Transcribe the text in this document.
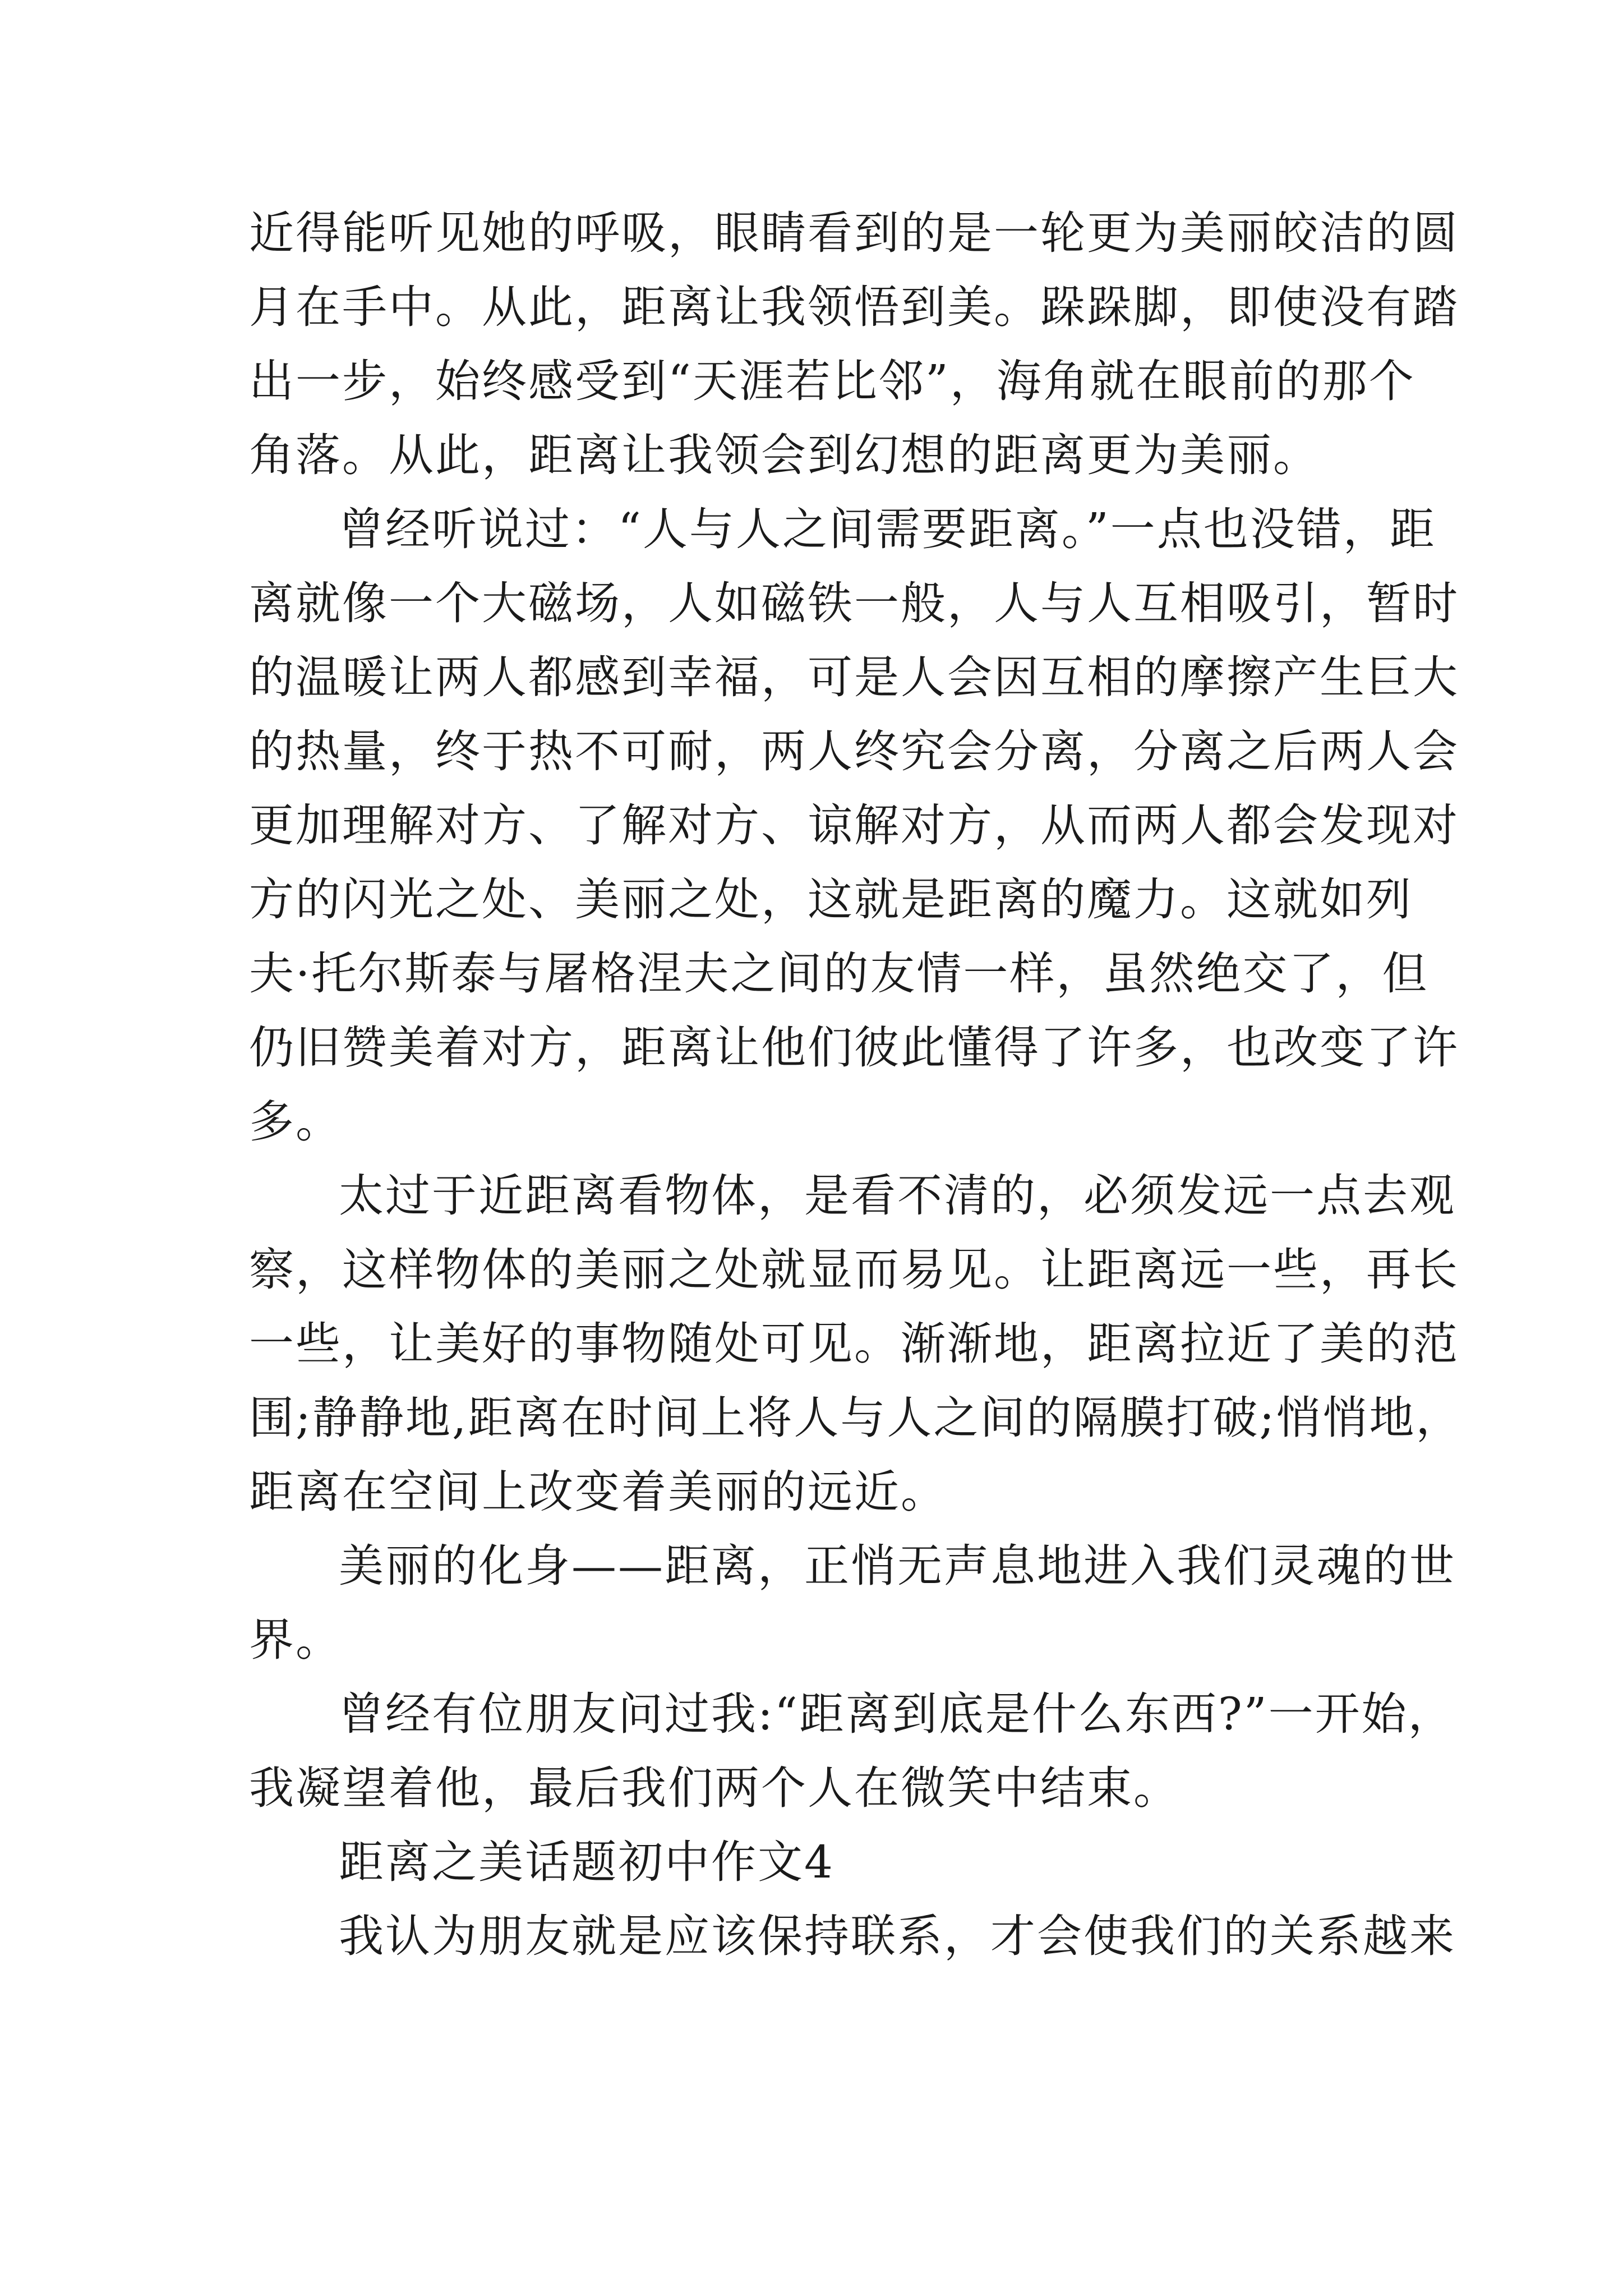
近得能听见她的呼吸，眼睛看到的是一轮更为美丽皎洁的圆
月在手中。从此，距离让我领悟到美。跺跺脚，即使没有踏
出一步，始终感受到“天涯若比邻”，海角就在眼前的那个
角落。从此，距离让我领会到幻想的距离更为美丽。
曾经听说过：“人与人之间需要距离。”一点也没错，距
离就像一个大磁场，人如磁铁一般，人与人互相吸引，暂时
的温暖让两人都感到幸福，可是人会因互相的摩擦产生巨大
的热量，终于热不可耐，两人终究会分离，分离之后两人会
更加理解对方、了解对方、谅解对方，从而两人都会发现对
方的闪光之处、美丽之处，这就是距离的魔力。这就如列
夫·托尔斯泰与屠格涅夫之间的友情一样，虽然绝交了，但
仍旧赞美着对方，距离让他们彼此懂得了许多，也改变了许
多。
太过于近距离看物体，是看不清的，必须发远一点去观
察，这样物体的美丽之处就显而易见。让距离远一些，再长
一些，让美好的事物随处可见。渐渐地，距离拉近了美的范
围;静静地,距离在时间上将人与人之间的隔膜打破;悄悄地，
距离在空间上改变着美丽的远近。
美丽的化身——距离，正悄无声息地进入我们灵魂的世
界。
曾经有位朋友问过我:“距离到底是什么东西?”一开始，
我凝望着他，最后我们两个人在微笑中结束。
距离之美话题初中作文4
我认为朋友就是应该保持联系，才会使我们的关系越来
